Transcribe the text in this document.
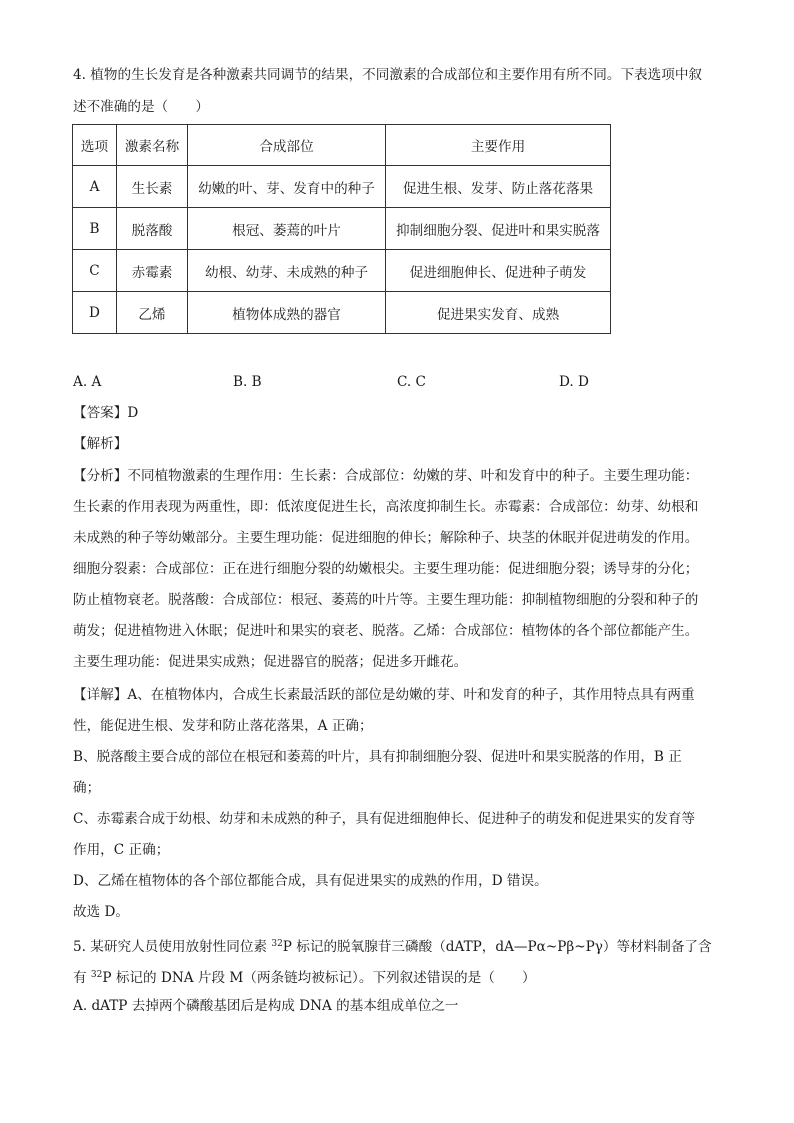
4. 植物的生长发育是各种激素共同调节的结果，不同激素的合成部位和主要作用有所不同。下表选项中叙
述不准确的是（　　）
选项	激素名称	合成部位	主要作用
A	生长素	幼嫩的叶、芽、发育中的种子	促进生根、发芽、防止落花落果
B	脱落酸	根冠、萎蔫的叶片	抑制细胞分裂、促进叶和果实脱落
C	赤霉素	幼根、幼芽、未成熟的种子	促进细胞伸长、促进种子萌发
D	乙烯	植物体成熟的器官	促进果实发育、成熟
A. A	B. B	C. C	D. D
【答案】D
【解析】
【分析】不同植物激素的生理作用：生长素：合成部位：幼嫩的芽、叶和发育中的种子。主要生理功能：
生长素的作用表现为两重性，即：低浓度促进生长，高浓度抑制生长。赤霉素：合成部位：幼芽、幼根和
未成熟的种子等幼嫩部分。主要生理功能：促进细胞的伸长；解除种子、块茎的休眠并促进萌发的作用。
细胞分裂素：合成部位：正在进行细胞分裂的幼嫩根尖。主要生理功能：促进细胞分裂；诱导芽的分化；
防止植物衰老。脱落酸：合成部位：根冠、萎蔫的叶片等。主要生理功能：抑制植物细胞的分裂和种子的
萌发；促进植物进入休眠；促进叶和果实的衰老、脱落。乙烯：合成部位：植物体的各个部位都能产生。
主要生理功能：促进果实成熟；促进器官的脱落；促进多开雌花。
【详解】A、在植物体内，合成生长素最活跃的部位是幼嫩的芽、叶和发育的种子，其作用特点具有两重
性，能促进生根、发芽和防止落花落果，A 正确；
B、脱落酸主要合成的部位在根冠和萎蔫的叶片，具有抑制细胞分裂、促进叶和果实脱落的作用，B 正
确；
C、赤霉素合成于幼根、幼芽和未成熟的种子，具有促进细胞伸长、促进种子的萌发和促进果实的发育等
作用，C 正确；
D、乙烯在植物体的各个部位都能合成，具有促进果实的成熟的作用，D 错误。
故选 D。
5. 某研究人员使用放射性同位素 $^{32}$P 标记的脱氧腺苷三磷酸（dATP，dA—Pα~Pβ~Pγ）等材料制备了含
有 $^{32}$P 标记的 DNA 片段 M（两条链均被标记）。下列叙述错误的是（　　）
A. dATP 去掉两个磷酸基团后是构成 DNA 的基本组成单位之一
